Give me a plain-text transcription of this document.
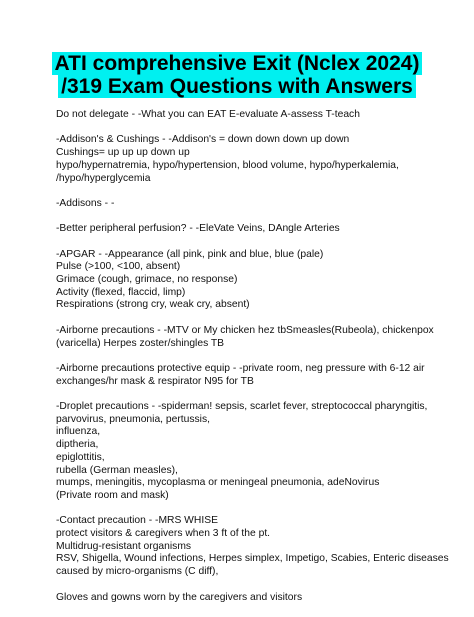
ATI comprehensive Exit (Nclex 2024)
/319 Exam Questions with Answers
Do not delegate - -What you can EAT E-evaluate A-assess T-teach
-Addison's & Cushings - -Addison's = down down down up down
Cushings= up up up down up
hypo/hypernatremia, hypo/hypertension, blood volume, hypo/hyperkalemia,
/hypo/hyperglycemia
-Addisons - -
-Better peripheral perfusion? - -EleVate Veins, DAngle Arteries
-APGAR - -Appearance (all pink, pink and blue, blue (pale)
Pulse (>100, <100, absent)
Grimace (cough, grimace, no response)
Activity (flexed, flaccid, limp)
Respirations (strong cry, weak cry, absent)
-Airborne precautions - -MTV or My chicken hez tbSmeasles(Rubeola), chickenpox
(varicella) Herpes zoster/shingles TB
-Airborne precautions protective equip - -private room, neg pressure with 6-12 air
exchanges/hr mask & respirator N95 for TB
-Droplet precautions - -spiderman! sepsis, scarlet fever, streptococcal pharyngitis,
parvovirus, pneumonia, pertussis,
influenza,
diptheria,
epiglottitis,
rubella (German measles),
mumps, meningitis, mycoplasma or meningeal pneumonia, adeNovirus
(Private room and mask)
-Contact precaution - -MRS WHISE
protect visitors & caregivers when 3 ft of the pt.
Multidrug-resistant organisms
RSV, Shigella, Wound infections, Herpes simplex, Impetigo, Scabies, Enteric diseases
caused by micro-organisms (C diff),
Gloves and gowns worn by the caregivers and visitors
